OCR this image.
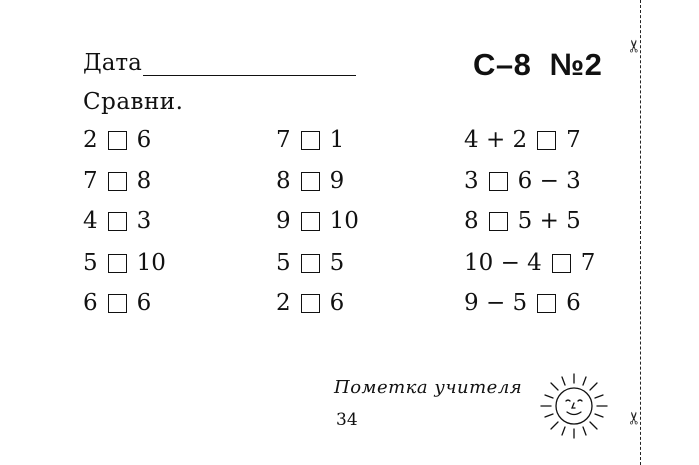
Дата	С–8  №2
Сравни.
2 6
7 8
4 3
5 10
6 6
7 1
8 9
9 10
5 5
2 6
4 + 2 7
3 6 − 3
8 5 + 5
10 − 4 7
9 − 5 6
✂
✂
Пометка учителя
34
